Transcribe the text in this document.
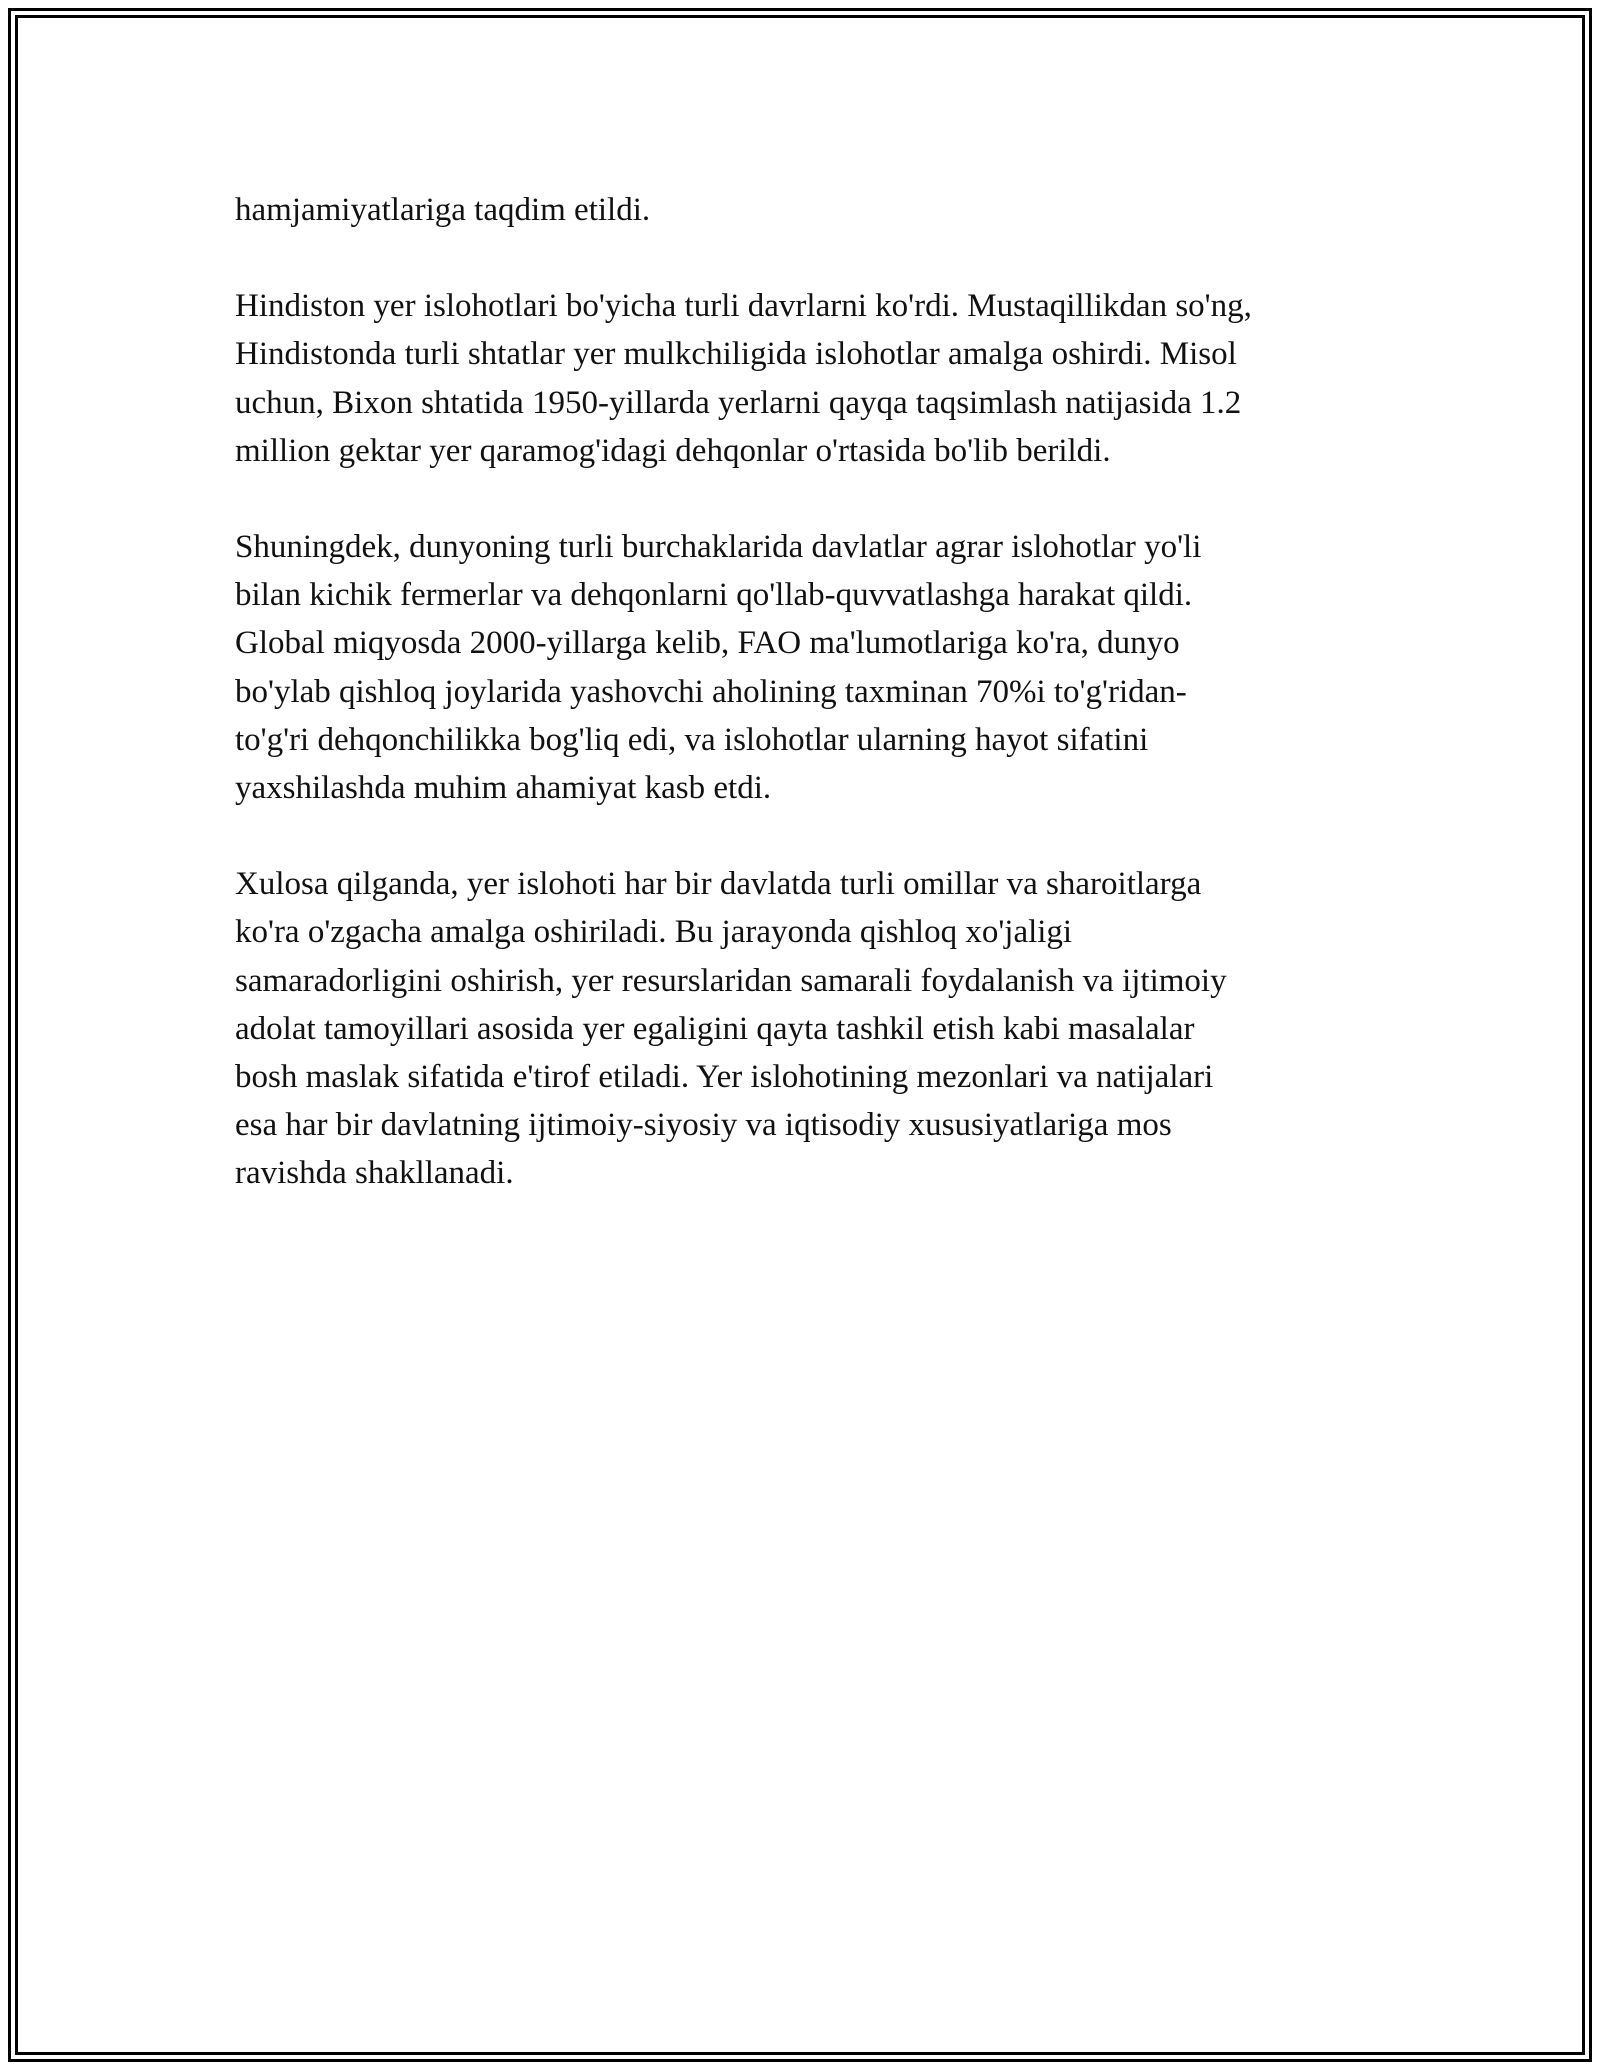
hamjamiyatlariga taqdim etildi.

Hindiston yer islohotlari bo'yicha turli davrlarni ko'rdi. Mustaqillikdan so'ng,
Hindistonda turli shtatlar yer mulkchiligida islohotlar amalga oshirdi. Misol
uchun, Bixon shtatida 1950-yillarda yerlarni qayqa taqsimlash natijasida 1.2
million gektar yer qaramog'idagi dehqonlar o'rtasida bo'lib berildi.

Shuningdek, dunyoning turli burchaklarida davlatlar agrar islohotlar yo'li
bilan kichik fermerlar va dehqonlarni qo'llab-quvvatlashga harakat qildi.
Global miqyosda 2000-yillarga kelib, FAO ma'lumotlariga ko'ra, dunyo
bo'ylab qishloq joylarida yashovchi aholining taxminan 70%i to'g'ridan-
to'g'ri dehqonchilikka bog'liq edi, va islohotlar ularning hayot sifatini
yaxshilashda muhim ahamiyat kasb etdi.

Xulosa qilganda, yer islohoti har bir davlatda turli omillar va sharoitlarga
ko'ra o'zgacha amalga oshiriladi. Bu jarayonda qishloq xo'jaligi
samaradorligini oshirish, yer resurslaridan samarali foydalanish va ijtimoiy
adolat tamoyillari asosida yer egaligini qayta tashkil etish kabi masalalar
bosh maslak sifatida e'tirof etiladi. Yer islohotining mezonlari va natijalari
esa har bir davlatning ijtimoiy-siyosiy va iqtisodiy xususiyatlariga mos
ravishda shakllanadi.
